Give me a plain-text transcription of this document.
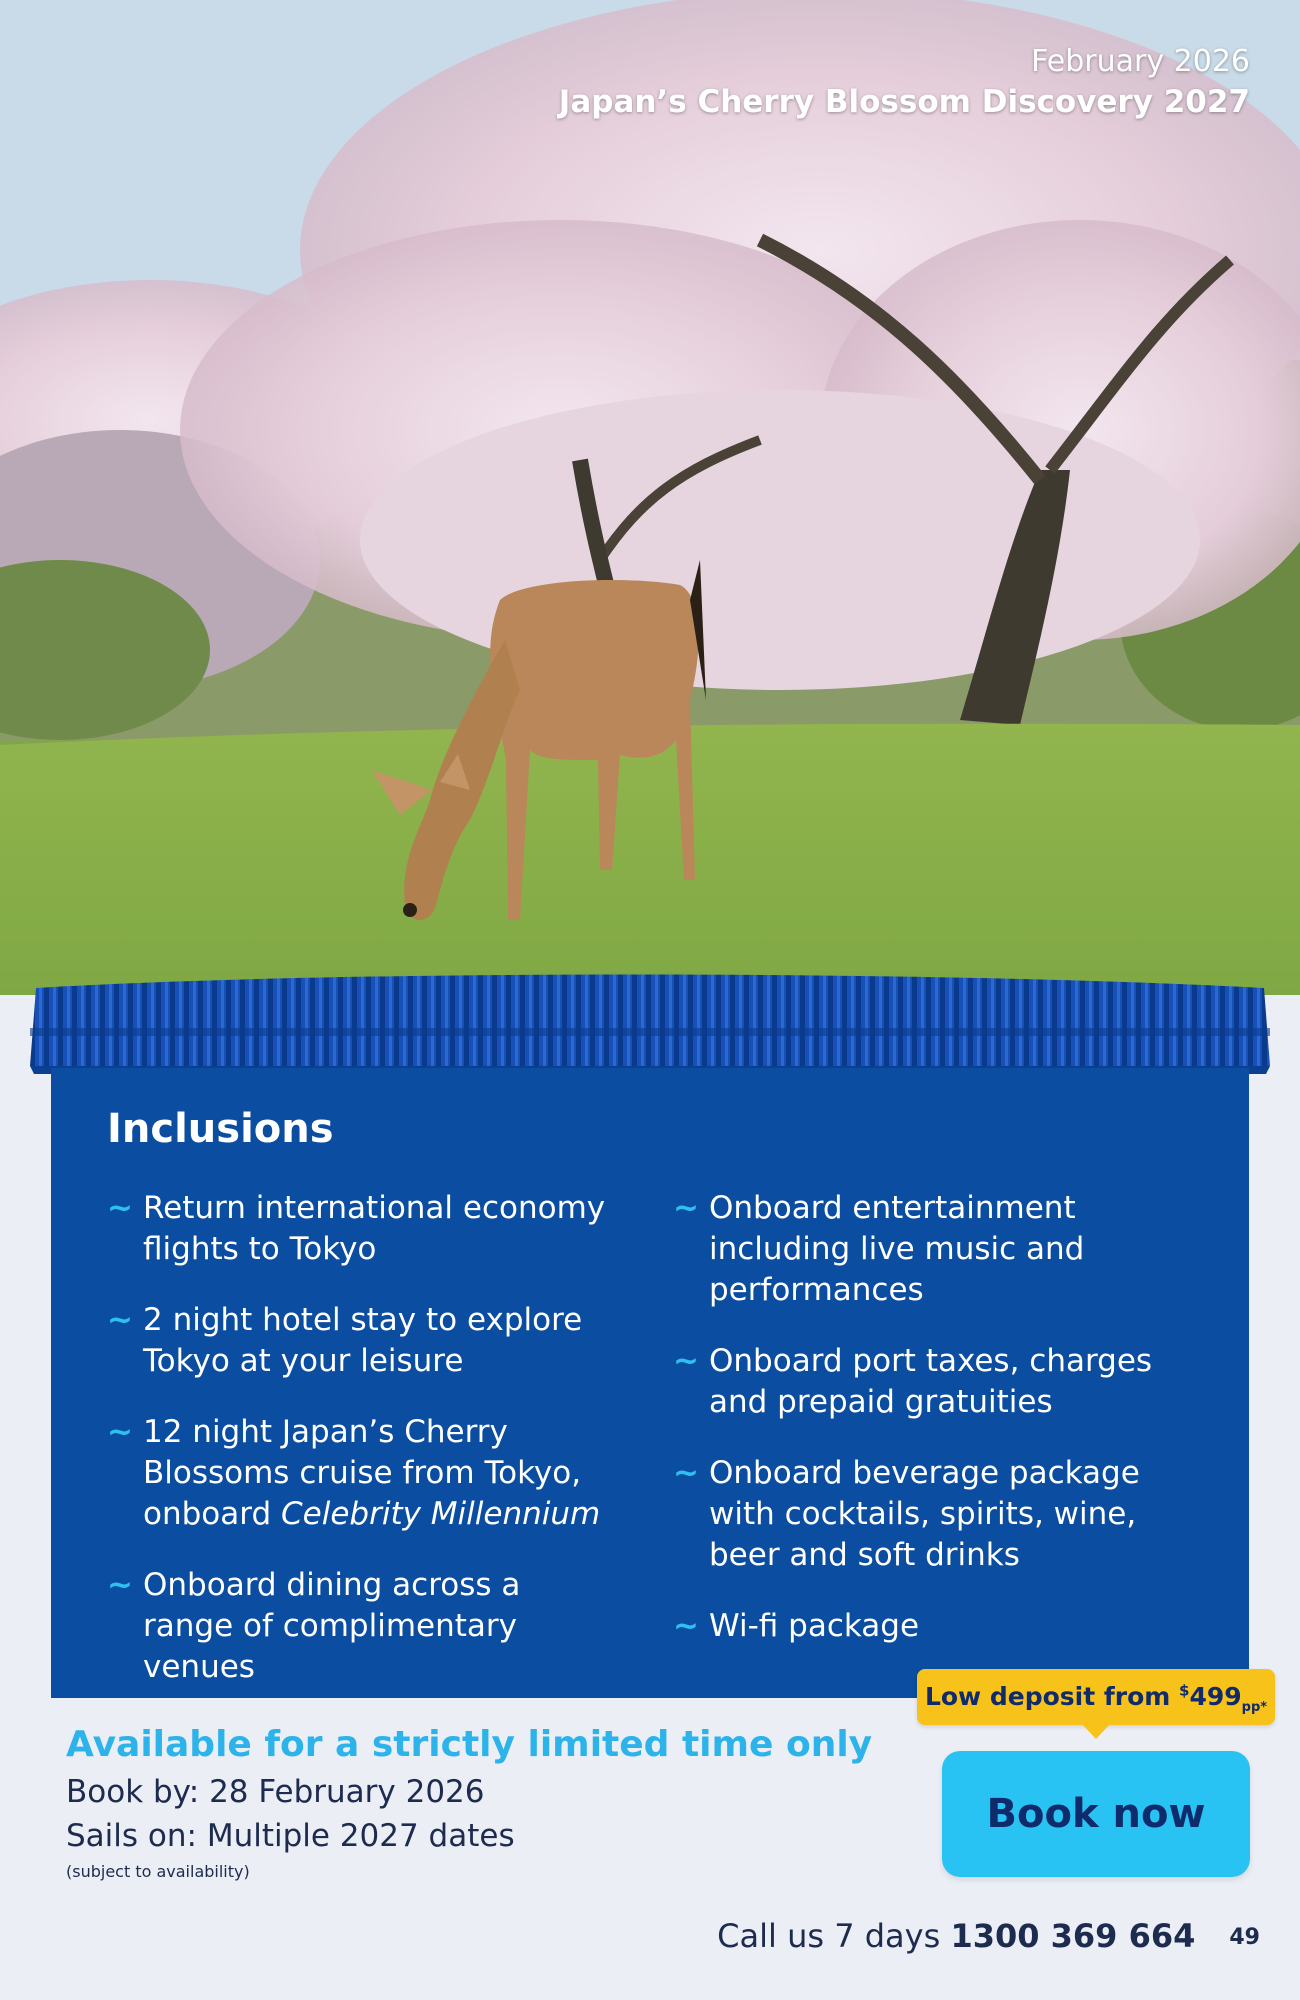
February 2026
Japan’s Cherry Blossom Discovery 2027
Inclusions
~ Return international economy flights to Tokyo
~ 2 night hotel stay to explore Tokyo at your leisure
~ 12 night Japan’s Cherry Blossoms cruise from Tokyo, onboard Celebrity Millennium
~ Onboard dining across a range of complimentary venues
~ Onboard entertainment including live music and performances
~ Onboard port taxes, charges and prepaid gratuities
~ Onboard beverage package with cocktails, spirits, wine, beer and soft drinks
~ Wi-fi package
Available for a strictly limited time only
Book by: 28 February 2026
Sails on: Multiple 2027 dates
(subject to availability)
Low deposit from $^{\$}499_{pp*}$
Book now
Call us 7 days 1300 369 664 49
